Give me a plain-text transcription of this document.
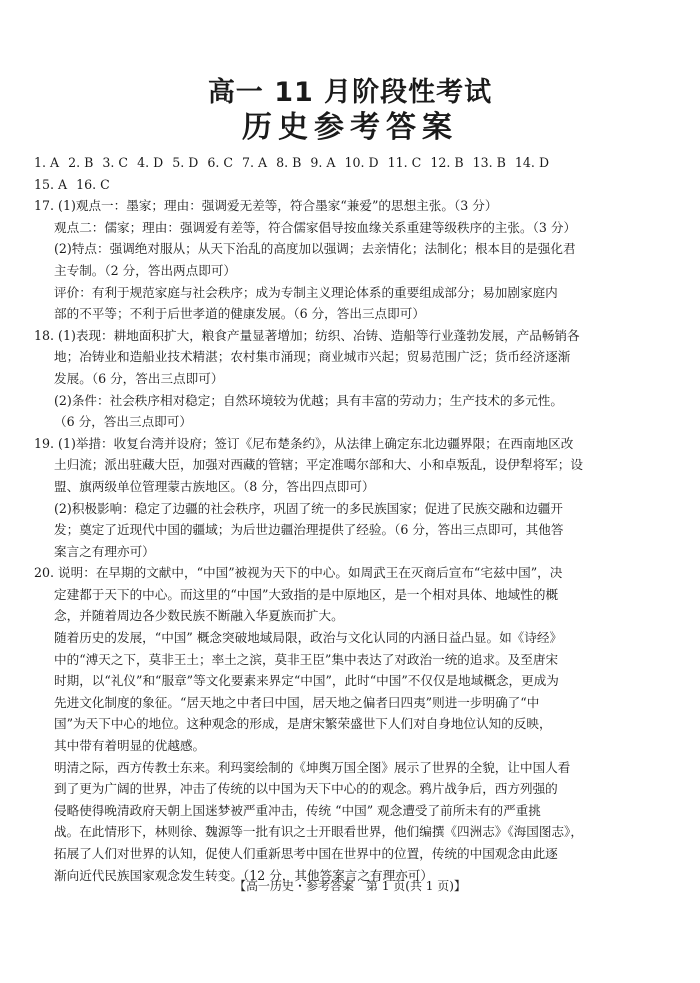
高一 11 月阶段性考试
历史参考答案
1. A 2. B 3. C 4. D 5. D 6. C 7. A 8. B 9. A 10. D 11. C 12. B 13. B 14. D
15. A 16. C
17. (1)观点一：墨家；理由：强调爱无差等，符合墨家“兼爱”的思想主张。（3 分）
观点二：儒家；理由：强调爱有差等，符合儒家倡导按血缘关系重建等级秩序的主张。（3 分）
(2)特点：强调绝对服从；从天下治乱的高度加以强调；去亲情化；法制化；根本目的是强化君
主专制。（2 分，答出两点即可）
评价：有利于规范家庭与社会秩序；成为专制主义理论体系的重要组成部分；易加剧家庭内
部的不平等；不利于后世孝道的健康发展。（6 分，答出三点即可）
18. (1)表现：耕地面积扩大，粮食产量显著增加；纺织、冶铸、造船等行业蓬勃发展，产品畅销各
地；冶铸业和造船业技术精湛；农村集市涌现；商业城市兴起；贸易范围广泛；货币经济逐渐
发展。（6 分，答出三点即可）
(2)条件：社会秩序相对稳定；自然环境较为优越；具有丰富的劳动力；生产技术的多元性。
（6 分，答出三点即可）
19. (1)举措：收复台湾并设府；签订《尼布楚条约》，从法律上确定东北边疆界限；在西南地区改
土归流；派出驻藏大臣，加强对西藏的管辖；平定准噶尔部和大、小和卓叛乱，设伊犁将军；设
盟、旗两级单位管理蒙古族地区。（8 分，答出四点即可）
(2)积极影响：稳定了边疆的社会秩序，巩固了统一的多民族国家；促进了民族交融和边疆开
发；奠定了近现代中国的疆域；为后世边疆治理提供了经验。（6 分，答出三点即可，其他答
案言之有理亦可）
20. 说明：在早期的文献中，“中国”被视为天下的中心。如周武王在灭商后宣布“宅兹中国”，决
定建都于天下的中心。而这里的“中国”大致指的是中原地区，是一个相对具体、地域性的概
念，并随着周边各少数民族不断融入华夏族而扩大。
随着历史的发展，“中国” 概念突破地域局限，政治与文化认同的内涵日益凸显。如《诗经》
中的“溥天之下，莫非王土；率土之滨，莫非王臣”集中表达了对政治一统的追求。及至唐宋
时期，以“礼仪”和“服章”等文化要素来界定“中国”，此时“中国”不仅仅是地域概念，更成为
先进文化制度的象征。“居天地之中者曰中国，居天地之偏者曰四夷”则进一步明确了“中
国”为天下中心的地位。这种观念的形成，是唐宋繁荣盛世下人们对自身地位认知的反映，
其中带有着明显的优越感。
明清之际，西方传教士东来。利玛窦绘制的《坤舆万国全图》展示了世界的全貌，让中国人看
到了更为广阔的世界，冲击了传统的以中国为天下中心的的观念。鸦片战争后，西方列强的
侵略使得晚清政府天朝上国迷梦被严重冲击，传统 “中国” 观念遭受了前所未有的严重挑
战。在此情形下，林则徐、魏源等一批有识之士开眼看世界，他们编撰《四洲志》《海国图志》，
拓展了人们对世界的认知，促使人们重新思考中国在世界中的位置，传统的中国观念由此逐
渐向近代民族国家观念发生转变。（12 分，其他答案言之有理亦可）
【高一历史・参考答案　第 1 页(共 1 页)】
